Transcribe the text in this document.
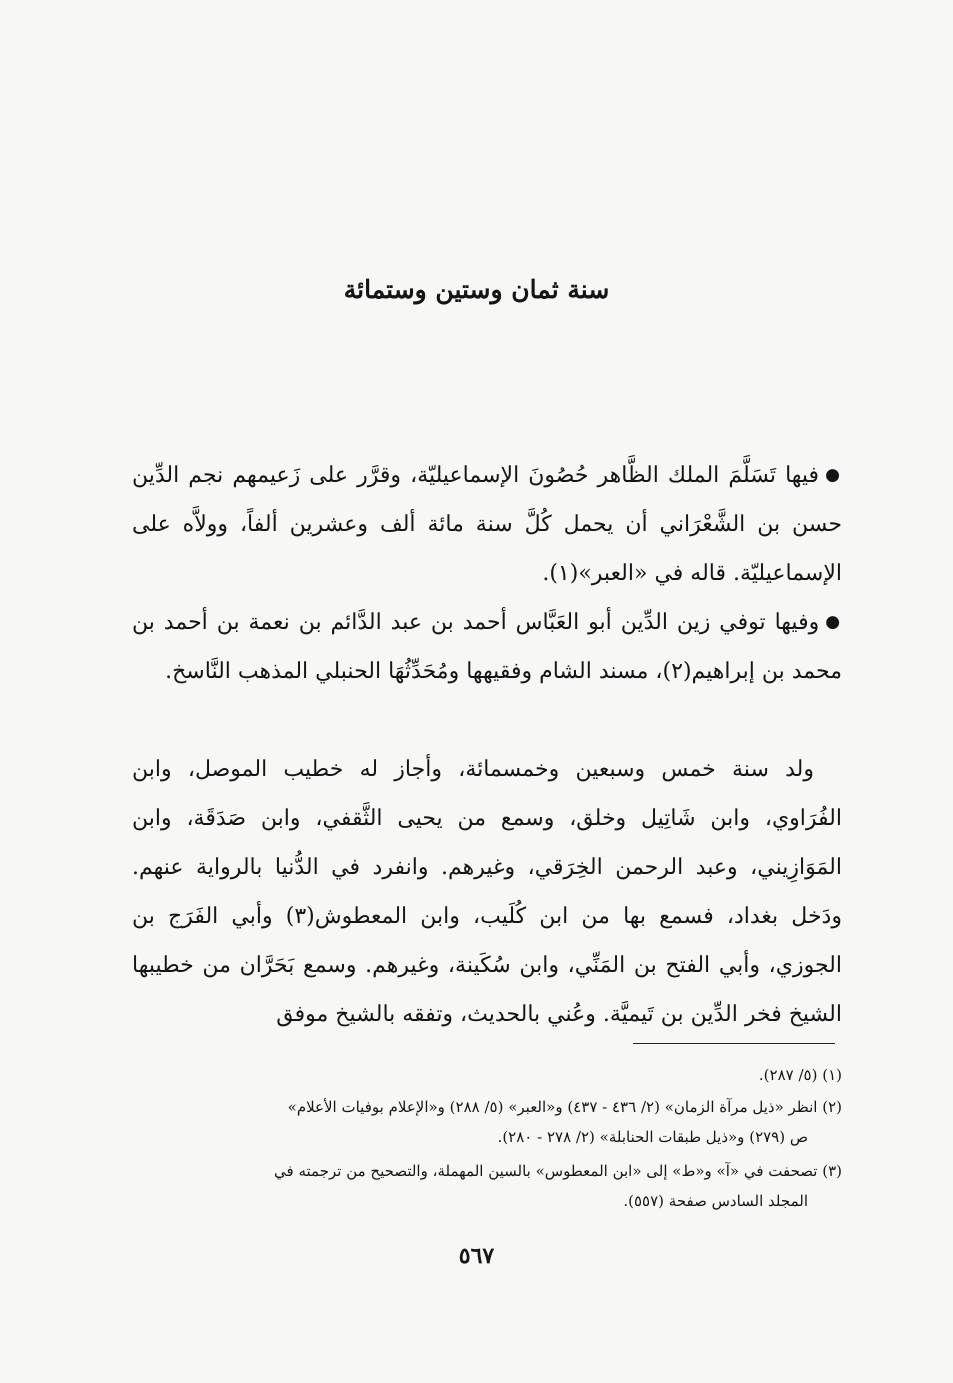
سنة ثمان وستين وستمائة

●فيها تَسَلَّمَ الملك الظَّاهر حُصُونَ الإسماعيليّة، وقرَّر على زَعيمهم نجم الدِّين حسن بن الشَّعْرَاني أن يحمل كُلَّ سنة مائة ألف وعشرين ألفاً، وولاَّه على الإسماعيليّة. قاله في «العبر»(١).

●وفيها توفي زين الدِّين أبو العَبَّاس أحمد بن عبد الدَّائم بن نعمة بن أحمد بن محمد بن إبراهيم(٢)، مسند الشام وفقيهها ومُحَدِّثُهَا الحنبلي المذهب النَّاسخ.

ولد سنة خمس وسبعين وخمسمائة، وأجاز له خطيب الموصل، وابن الفُرَاوي، وابن شَاتِيل وخلق، وسمع من يحيى الثَّقفي، وابن صَدَقَة، وابن المَوَازِيني، وعبد الرحمن الخِرَقي، وغيرهم. وانفرد في الدُّنيا بالرواية عنهم. ودَخل بغداد، فسمع بها من ابن كُلَيب، وابن المعطوش(٣) وأبي الفَرَج بن الجوزي، وأبي الفتح بن المَنِّي، وابن سُكَينة، وغيرهم. وسمع بَحَرَّان من خطيبها الشيخ فخر الدِّين بن تَيميَّة. وعُني بالحديث، وتفقه بالشيخ موفق

(١) (٥/ ٢٨٧).

(٢) انظر «ذيل مرآة الزمان» (٢/ ٤٣٦ - ٤٣٧) و«العبر» (٥/ ٢٨٨) و«الإعلام بوفيات الأعلام»
ص (٢٧٩) و«ذيل طبقات الحنابلة» (٢/ ٢٧٨ - ٢٨٠).

(٣) تصحفت في «آ» و«ط» إلى «ابن المعطوس» بالسين المهملة، والتصحيح من ترجمته في
المجلد السادس صفحة (٥٥٧).

٥٦٧
